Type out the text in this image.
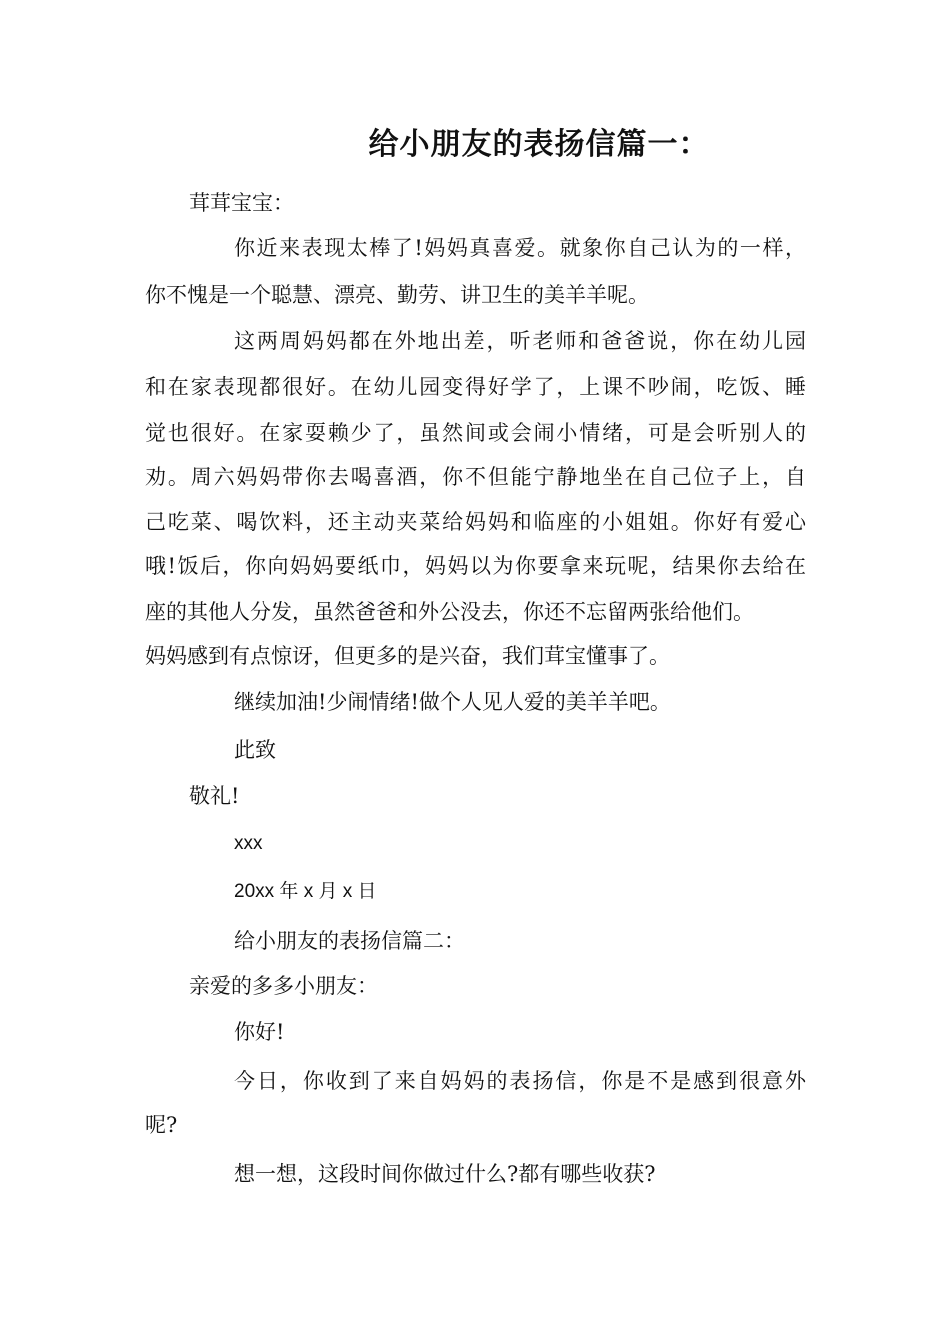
给小朋友的表扬信篇一：
茸茸宝宝：
你近来表现太棒了!妈妈真喜爱。就象你自己认为的一样，
你不愧是一个聪慧、漂亮、勤劳、讲卫生的美羊羊呢。
这两周妈妈都在外地出差，听老师和爸爸说，你在幼儿园
和在家表现都很好。在幼儿园变得好学了，上课不吵闹，吃饭、睡
觉也很好。在家耍赖少了，虽然间或会闹小情绪，可是会听别人的
劝。周六妈妈带你去喝喜酒，你不但能宁静地坐在自己位子上，自
己吃菜、喝饮料，还主动夹菜给妈妈和临座的小姐姐。你好有爱心
哦!饭后，你向妈妈要纸巾，妈妈以为你要拿来玩呢，结果你去给在
座的其他人分发，虽然爸爸和外公没去，你还不忘留两张给他们。
妈妈感到有点惊讶，但更多的是兴奋，我们茸宝懂事了。
继续加油!少闹情绪!做个人见人爱的美羊羊吧。
此致
敬礼!
xxx
20xx 年 x 月 x 日
给小朋友的表扬信篇二：
亲爱的多多小朋友：
你好!
今日，你收到了来自妈妈的表扬信，你是不是感到很意外
呢?
想一想，这段时间你做过什么?都有哪些收获?
